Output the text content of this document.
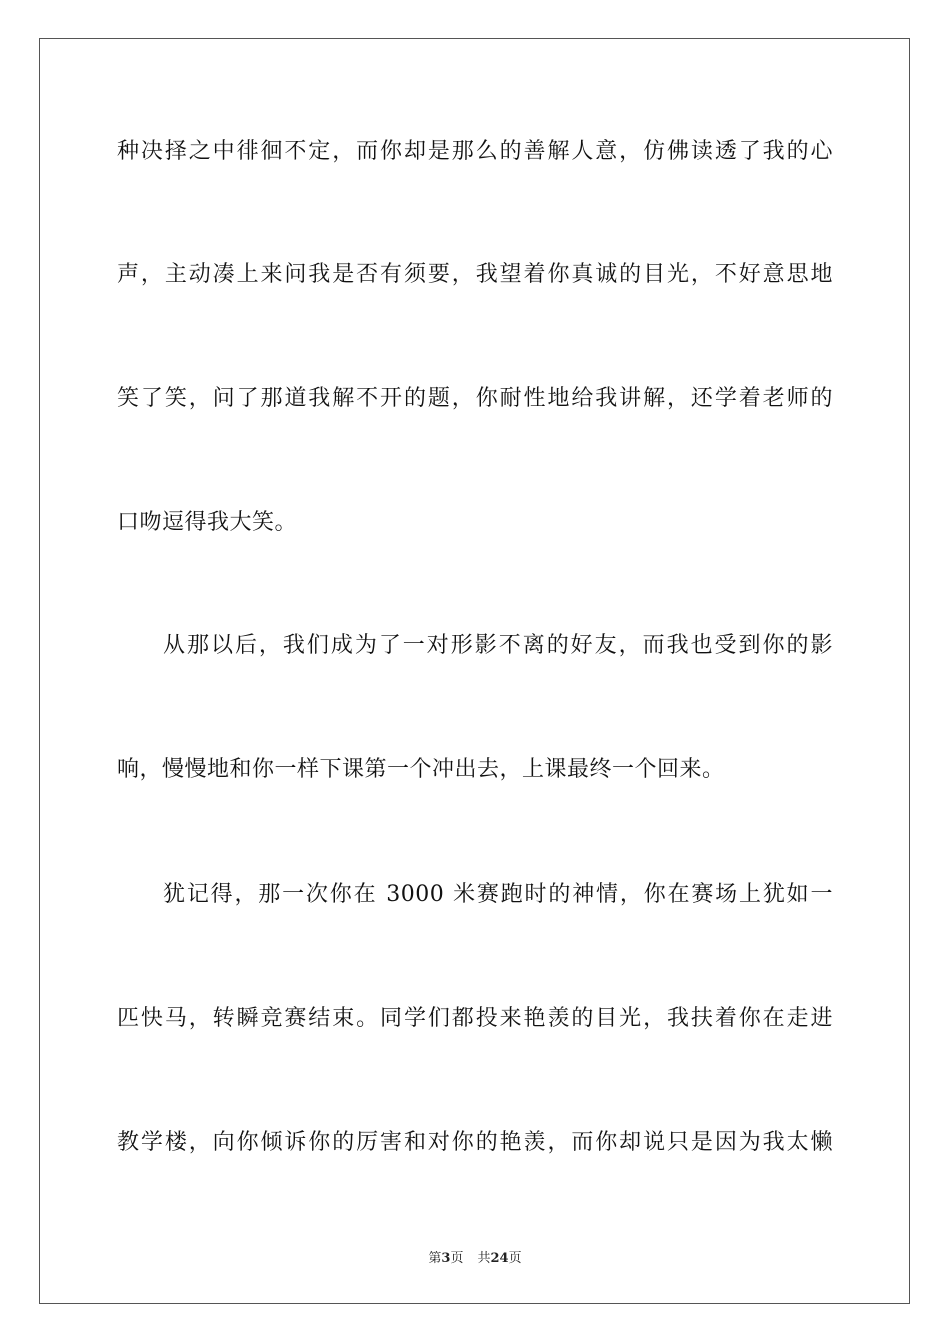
种决择之中徘徊不定，而你却是那么的善解人意，仿佛读透了我的心
声，主动凑上来问我是否有须要，我望着你真诚的目光，不好意思地
笑了笑，问了那道我解不开的题，你耐性地给我讲解，还学着老师的
口吻逗得我大笑。
从那以后，我们成为了一对形影不离的好友，而我也受到你的影
响，慢慢地和你一样下课第一个冲出去，上课最终一个回来。
犹记得，那一次你在 3000 米赛跑时的神情，你在赛场上犹如一
匹快马，转瞬竞赛结束。同学们都投来艳羡的目光，我扶着你在走进
教学楼，向你倾诉你的厉害和对你的艳羡，而你却说只是因为我太懒
第3页 共24页
